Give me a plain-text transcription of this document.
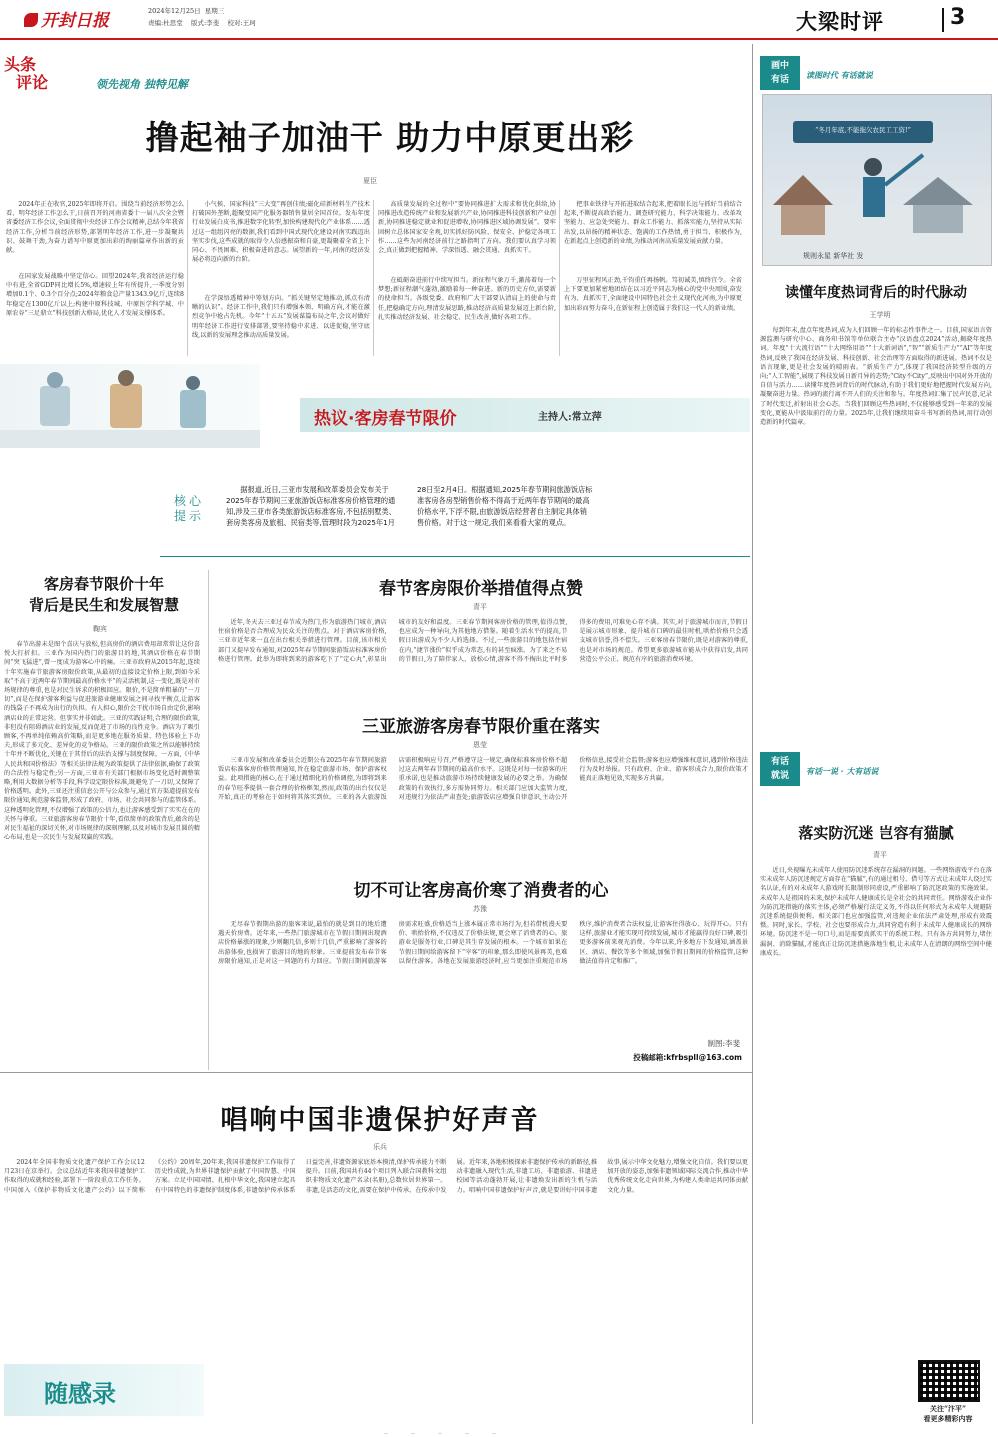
开封日报	2024年12月25日 星期三
责编:杜思堂 版式:李斐 校对:王珂	大梁时评	3
头条
评论	领先视角 独特见解
撸起袖子加油干 助力中原更出彩
夏臣
2024年正在收官,2025年即将开启。围绕当前经济形势怎么看、明年经济工作怎么干,日前召开的河南省委十一届八次全会暨省委经济工作会议,全面贯彻中央经济工作会议精神,总结今年我省经济工作,分析当前经济形势,部署明年经济工作,进一步凝聚共识、鼓舞干劲,为奋力谱写中原更加出彩的绚丽篇章作出新的贡献。
在国家发展战略中坚定信心。回望2024年,我省经济运行稳中有进,全省GDP同比增长5%,增速较上年有所提升,一季度分别增加0.1个、0.3个百分点;2024年粮食总产量1343.9亿斤,连续8年稳定在1300亿斤以上;构建中原科技城、中原医学科学城、中原农谷“三足鼎立”科技创新大格局,优化人才发展支撑体系。
小气候、国家科技“三大变”再创佳绩;磁化硅新材料生产技术打破国外垄断,超聚变国产化服务器销售量居全国首位。发布年度行业发展白皮书,推进数字化转型,加快构建现代化产业体系……透过这一组组闪亮的数据,我们看到中国式现代化建设河南实践迈出坚实步伐,这些成就的取得令人倍感振奋和自豪,更凝聚着全省上下同心、不畏困难、积极奋进的意志。展望新的一年,河南的经济发展必将迈向新的台阶。
在学深悟透精神中筹划方向。“抓关键坚定地推动,抓点有清晰的认识”。经济工作中,我们只有增强本领、明确方向,才能在激烈竞争中抢占先机。今年“十五五”发展谋篇布局之年,会议对做好明年经济工作进行安排部署,要坚持稳中求进、以进促稳,坚守底线,以新的发展理念推动高质量发展。
高质量发展的全过程中“要协同推进扩大需求和优化供给,协同推进改造传统产业和发展新兴产业,协同推进科技创新和产业创新,协同推进稳定就业和促进增收,协同推进区域协调发展”。要牢固树立总体国家安全观,切实抓好防风险、保安全、护稳定各项工作……这些为河南经济前行之路指明了方向。我们要认真学习领会,真正做到把握精神、学深悟透、融会贯通、真抓实干。
在砥砺奋进前行中续写担当。新征程气象万千,激荡着每一个梦想;新征程潮气蓬勃,激励着每一种奋进。新的历史方位,需要新的使命担当。各级党委、政府和广大干部要认清肩上的使命与责任,把稳确定方向,理清发展思路,推动经济高质量发展迈上新台阶,扎实推动经济发展、社会稳定、民生改善,做好各项工作。
把事业铁律与开拓进取结合起来,把着眼长远与抓好当前结合起来,不断提高政治能力、调查研究能力、科学决策能力、改革攻坚能力、应急处突能力、群众工作能力、抓落实能力,坚持从实际出发,以昂扬的精神状态、饱满的工作热情,勇于担当、积极作为,在新起点上创造新的业绩,为推动河南高质量发展贡献力量。
万里征程风正劲,千钧重任再扬帆。笃初诚美,慎终宜令。全省上下要更加紧密地团结在以习近平同志为核心的党中央周围,奋发有为、真抓实干,全面建设中国特色社会主义现代化河南,为中原更加出彩而努力奋斗,在新征程上创造属于我们这一代人的新业绩。
热议·客房春节限价	主持人:常立萍
核心
提示
据报道,近日,三亚市发展和改革委员会发布关于2025年春节期间三亚旅游饭店标准客房价格管理的通知,涉及三亚市各类旅游饭店标准客房,不包括别墅类、套房类客房及旅租、民宿类等,管理时段为2025年1月28日至2月4日。根据通知,2025年春节期间旅游饭店标准客房各房型销售价格不得高于近两年春节期间的最高价格水平,下浮不限,由旅游饭店经营者自主制定具体销售价格。对于这一规定,我们来看看大家的观点。
客房春节限价十年
背后是民生和发展智慧
鞠宾
春节出游未是图个喜庆与放松,但高房价的酒店费用却常常让这份喜悦大打折扣。三亚作为国内热门的旅游目的地,其酒店价格在春节期间“突飞猛进”,曾一度成为游客心中的痛。三亚市政府从2015年起,连续十年实施春节旅游客房限价政策,从最初的直接设定价格上限,到如今采取“不高于近两年春节期间最高价格水平”的灵活机制,这一变化,既是对市场规律的尊重,也是对民生诉求的积极回应。限价,不是简单粗暴的“一刀切”,而是在保护游客利益与促进旅游业健康发展之间寻找平衡点,让游客的钱袋子不再成为出行的负担。有人担心,限价会干扰市场自由定价,影响酒店业的正常运营。但事实并非如此。三亚的实践证明,合理的限价政策,非但没有阻碍酒店业的发展,反而促进了市场的良性竞争。酒店为了吸引顾客,不再单纯依赖高价策略,而是更多地在服务质量、特色体验上下功夫,形成了多元化、差异化的竞争格局。三亚的限价政策之所以能够持续十年并不断优化,关键在于其背后的法治支撑与制度保障。一方面,《中华人民共和国价格法》等相关法律法规为政策提供了法律依据,确保了政策的合法性与稳定性;另一方面,三亚市有关部门根据市场变化适时调整策略,利用大数据分析等手段,科学设定限价标准,既避免了一刀切,又保障了价格透明。此外,三亚还注重信息公开与公众参与,通过官方渠道提前发布限价通知,规范游客监督,形成了政府、市场、社会共同参与的监管体系。这种透明化管理,不仅增强了政策的公信力,也让游客感受到了实实在在的关怀与尊重。三亚旅游客房春节限价十年,看似简单的政策背后,蕴含的是对民生福祉的深切关怀,对市场规律的深刻理解,以及对城市发展且圆的精心布局,也是一次民生与发展双赢的实践。
春节客房限价举措值得点赞
青平
近年,冬天去三亚过春节成为热门,作为旅游热门城市,酒店住宿价格是否合理成为民众关注的焦点。对于酒店客房价格,三亚市近年来一直在出台相关举措进行管理。目前,该市相关部门又提早发布通知,对2025年春节期间旅游饭店标准客房价格进行管理。此举为即将到来的游客吃下了“定心丸”,彰显出城市的友好和温度。三亚春节期间客房价格的管理,值得点赞,也应成为一种导向,为其他地方借鉴。随着生活水平的提高,节假日出游成为不少人的选择。不过,一些旅游目的地包括住宿在内,“捷节涨价”似乎成为常态,有的甚至疯涨。为了来之不易的节假日,为了陪伴家人、放松心情,游客不得不掏出比平时多得多的费用,可难免心存不满。其实,对于旅游城市而言,节假日是展示城市形象、提升城市口碑的最佳时机,哄抬价格只会透支城市信誉,得不偿失。三亚客房春节限价,既是对游客的尊重,也是对市场的规范。希望更多旅游城市能从中获得启发,共同营造公平公正、规范有序的旅游消费环境。
三亚旅游客房春节限价重在落实
恩莹
三亚市发展和改革委员会近期公布2025年春节期间旅游饭店标准客房价格管理通知,旨在稳定旅游市场、保护游客权益。此项措施的核心,在于通过精细化的价格调控,为即将到来的春节旺季提供一套合理的价格框架,然而,政策的出台仅仅是开始,真正的考验在于如何将其落实到位。三亚的各大旅游饭店需积极响应号召,严格遵守这一规定,确保标准客房价格不超过这去两年春节期间的最高价水平。这既是对每一位游客的庄重承诺,也是推动旅游市场持续健康发展的必要之举。为确保政策的有效执行,多方需协同努力。相关部门应加大监管力度,对违规行为依法严肃查处;旅游饭店应增强自律意识,主动公开价格信息,接受社会监督;游客也应增强维权意识,遇到价格违法行为及时举报。只有政府、企业、游客形成合力,限价政策才能真正落地见效,实现多方共赢。
切不可让客房高价寒了消费者的心
苏豫
无尽春节假期出游的旅客来说,最怕的就是到目的地后遭遇天价房费。近年来,一些热门旅游城市在节假日期间出现酒店价格暴涨的现象,少则翻几倍,多则十几倍,严重影响了游客的出游体验,也损害了旅游目的地的形象。三亚提前发布春节客房限价通知,正是对这一问题的有力回应。节假日期间旅游客房需求旺盛,价格适当上涨本属正常市场行为,但若借机漫天要价、哄抬价格,不仅违反了价格法规,更会寒了消费者的心。旅游业是服务行业,口碑是其生存发展的根本。一个城市如果在节假日期间给游客留下“宰客”的印象,那么即使风景再美,也难以留住游客。各地在发展旅游经济时,应当更加注重规范市场秩序,维护消费者合法权益,让游客住得放心、玩得开心。只有这样,旅游业才能实现可持续发展,城市才能赢得良好口碑,吸引更多游客前来观光消费。今年以来,许多地方下发通知,涵盖景区、酒店、餐饮等多个领域,加强节假日期间的价格监管,这种做法值得肯定和推广。
制图:李斐
投稿邮箱:kfrbspll@163.com
唱响中国非遗保护好声音
乐兵
2024年全国非物质文化遗产保护工作会议12月23日在京举行。会议总结近年来我国非遗保护工作取得的成就和经验,部署下一阶段重点工作任务。中国加入《保护非物质文化遗产公约》以下简称《公约》20周年,20年来,我国非遗保护工作取得了历史性成就,为世界非遗保护贡献了中国智慧、中国方案。立足中国国情、扎根中华文化,我国建立起具有中国特色的非遗保护制度体系,非遗保护传承体系日益完善,非遗资源家底基本摸清,保护传承能力不断提升。目前,我国共有44个项目列入联合国教科文组织非物质文化遗产名录(名册),总数位居世界第一。非遗,是活态的文化,需要在保护中传承、在传承中发展。近年来,各地积极探索非遗保护传承的新路径,推动非遗融入现代生活,非遗工坊、非遗旅游、非遗进校园等活动蓬勃开展,让非遗焕发出新的生机与活力。唱响中国非遗保护好声音,就是要讲好中国非遗故事,展示中华文化魅力,增强文化自信。我们要以更加开放的姿态,加强非遗领域国际交流合作,推动中华优秀传统文化走向世界,为构建人类命运共同体贡献文化力量。
随感录
画中
有话	读图时代 有话就说
“冬月年底,不能拖欠农民工工资!”
规则永星 新华社 发
读懂年度热词背后的时代脉动
王学明
每到年末,盘点年度热词,成为人们回顾一年的标志性事件之一。目前,国家语言资源监测与研究中心、商务印书馆等单位联合主办“汉语盘点2024”活动,揭晓年度热词。年度“十大流行语”“十大网络用语”“十大新词语”,“智”“新质生产力”“AI”等年度热词,反映了我国在经济发展、科技创新、社会治理等方面取得的新进展。热词不仅是语言现象,更是社会发展的晴雨表。“新质生产力”,体现了我国经济转型升级的方向;“人工智能”,展现了科技发展日新月异的态势;“City不City”,反映出中国对外开放的自信与活力……读懂年度热词背后的时代脉动,有助于我们更好地把握时代发展方向,凝聚奋进力量。热词的流行离不开人们的关注和参与。年度热词汇集了民声民意,记录了时代变迁,折射出社会心态。当我们回顾这些热词时,不仅能够感受到一年来的发展变化,更能从中汲取前行的力量。2025年,让我们继续用奋斗书写新的热词,用行动创造新的时代篇章。
有话
就说	有话一说 · 大有话说
落实防沉迷 岂容有猫腻
青平
近日,央视曝光未成年人使用防沉迷系统存在漏洞的问题。一些网络游戏平台在落实未成年人防沉迷规定方面存在“猫腻”,有的通过租号、借号等方式让未成年人绕过实名认证,有的对未成年人游戏时长限制形同虚设,严重影响了防沉迷政策的实施效果。未成年人是祖国的未来,保护未成年人健康成长是全社会的共同责任。网络游戏企业作为防沉迷措施的落实主体,必须严格履行法定义务,不得以任何形式为未成年人规避防沉迷系统提供便利。相关部门也应加强监管,对违规企业依法严肃处理,形成有效震慑。同时,家长、学校、社会也要形成合力,共同营造有利于未成年人健康成长的网络环境。防沉迷不是一句口号,而是需要真抓实干的系统工程。只有各方共同努力,堵住漏洞、消除猫腻,才能真正让防沉迷措施落地生根,让未成年人在清朗的网络空间中健康成长。
关注“汴平”
看更多精彩内容
